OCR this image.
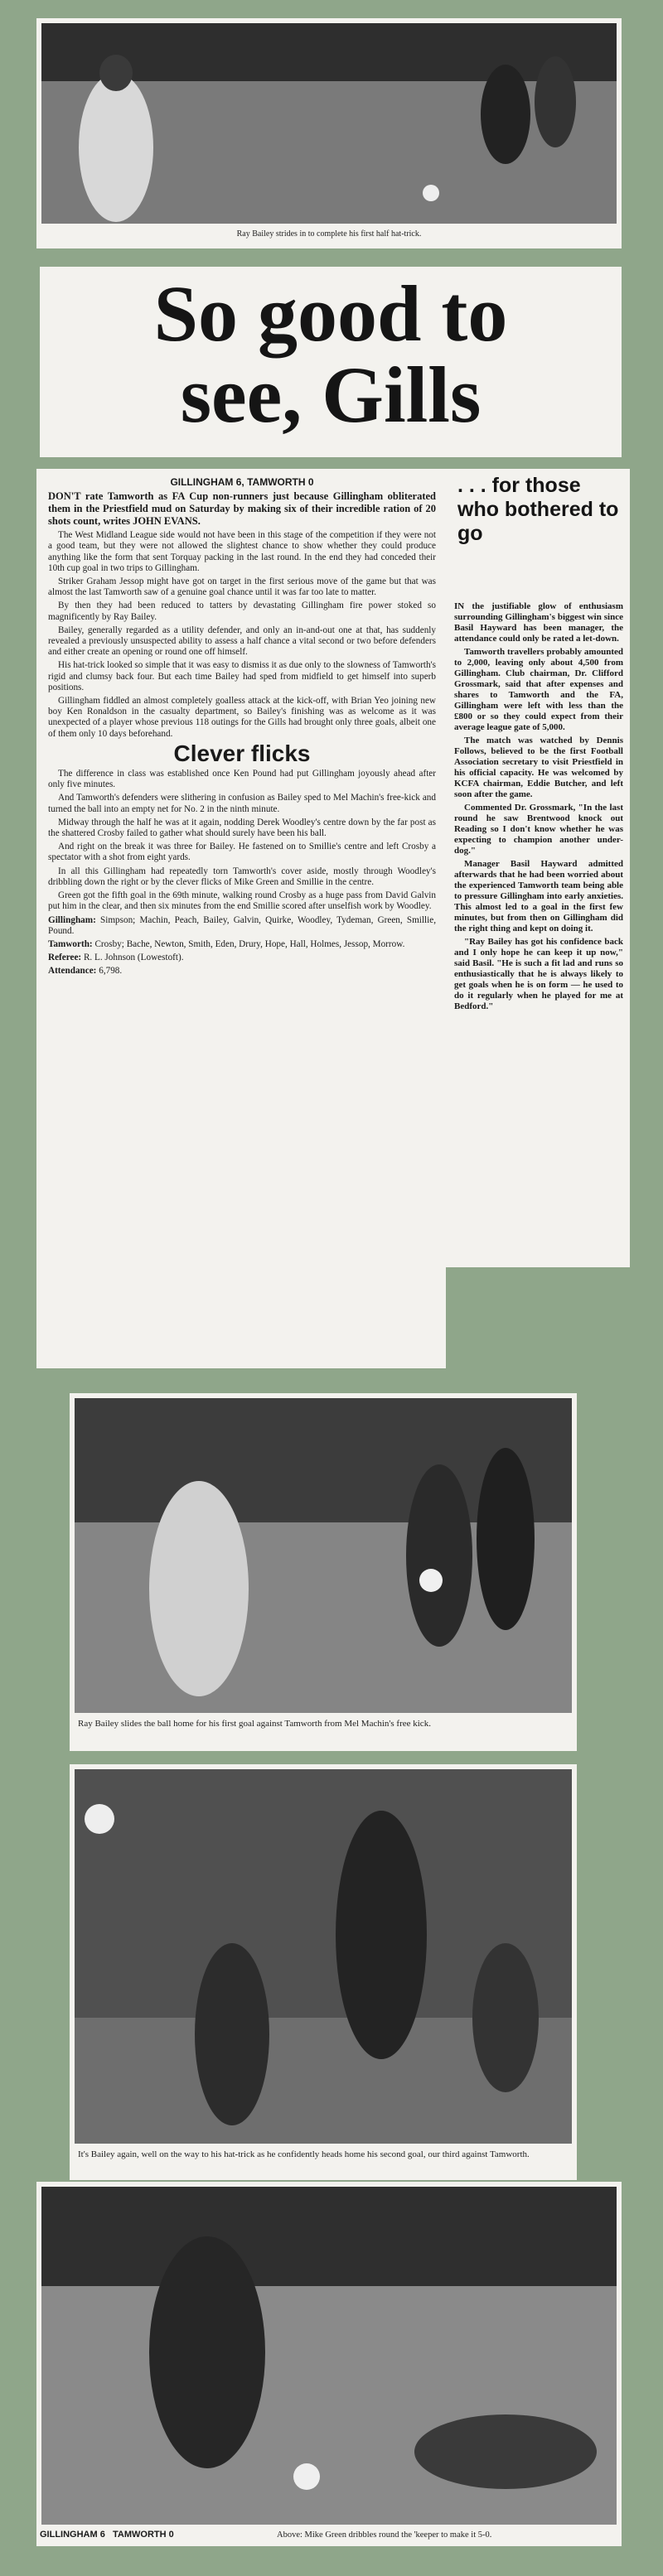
Ray Bailey strides in to complete his first half hat-trick.
So good to
see, Gills

GILLINGHAM 6, TAMWORTH 0

DON'T rate Tamworth as FA Cup non-runners just because Gillingham obliterated them in the Priestfield mud on Saturday by making six of their incredible ration of 20 shots count, writes JOHN EVANS.

The West Midland League side would not have been in this stage of the competition if they were not a good team, but they were not allowed the slightest chance to show whether they could produce anything like the form that sent Torquay packing in the last round. In the end they had conceded their 10th cup goal in two trips to Gillingham.

Striker Graham Jessop might have got on target in the first serious move of the game but that was almost the last Tamworth saw of a genuine goal chance until it was far too late to matter.

By then they had been reduced to tatters by devastating Gillingham fire power stoked so magnificently by Ray Bailey.

Bailey, generally regarded as a utility defender, and only an in-and-out one at that, has suddenly revealed a previously unsuspected ability to assess a half chance a vital second or two before defenders and either create an opening or round one off himself.

His hat-trick looked so simple that it was easy to dismiss it as due only to the slowness of Tamworth's rigid and clumsy back four. But each time Bailey had sped from midfield to get himself into superb positions.

Gillingham fiddled an almost completely goalless attack at the kick-off, with Brian Yeo joining new boy Ken Ronaldson in the casualty department, so Bailey's finishing was as welcome as it was unexpected of a player whose previous 118 outings for the Gills had brought only three goals, albeit one of them only 10 days beforehand.

Clever flicks

The difference in class was established once Ken Pound had put Gillingham joyously ahead after only five minutes.

And Tamworth's defenders were slithering in confusion as Bailey sped to Mel Machin's free-kick and turned the ball into an empty net for No. 2 in the ninth minute.

Midway through the half he was at it again, nodding Derek Woodley's centre down by the far post as the shattered Crosby failed to gather what should surely have been his ball.

And right on the break it was three for Bailey. He fastened on to Smillie's centre and left Crosby a spectator with a shot from eight yards.

In all this Gillingham had repeatedly torn Tamworth's cover aside, mostly through Woodley's dribbling down the right or by the clever flicks of Mike Green and Smillie in the centre.

Green got the fifth goal in the 69th minute, walking round Crosby as a huge pass from David Galvin put him in the clear, and then six minutes from the end Smillie scored after unselfish work by Woodley.

Gillingham: Simpson; Machin, Peach, Bailey, Galvin, Quirke, Woodley, Tydeman, Green, Smillie, Pound.

Tamworth: Crosby; Bache, Newton, Smith, Eden, Drury, Hope, Hall, Holmes, Jessop, Morrow.

Referee: R. L. Johnson (Lowestoft).

Attendance: 6,798.

. . . for those who bothered to go

IN the justifiable glow of enthusiasm surrounding Gillingham's biggest win since Basil Hayward has been manager, the attendance could only be rated a let-down.

Tamworth travellers probably amounted to 2,000, leaving only about 4,500 from Gillingham. Club chairman, Dr. Clifford Grossmark, said that after expenses and shares to Tamworth and the FA, Gillingham were left with less than the £800 or so they could expect from their average league gate of 5,000.

The match was watched by Dennis Follows, believed to be the first Football Association secretary to visit Priestfield in his official capacity. He was welcomed by KCFA chairman, Eddie Butcher, and left soon after the game.

Commented Dr. Grossmark, "In the last round he saw Brentwood knock out Reading so I don't know whether he was expecting to champion another under-dog."

Manager Basil Hayward admitted afterwards that he had been worried about the experienced Tamworth team being able to pressure Gillingham into early anxieties. This almost led to a goal in the first few minutes, but from then on Gillingham did the right thing and kept on doing it.

"Ray Bailey has got his confidence back and I only hope he can keep it up now," said Basil. "He is such a fit lad and runs so enthusiastically that he is always likely to get goals when he is on form — he used to do it regularly when he played for me at Bedford."

Ray Bailey slides the ball home for his first goal against Tamworth from Mel Machin's free kick.
It's Bailey again, well on the way to his hat-trick as he confidently heads home his second goal, our third against Tamworth.
GILLINGHAM 6   TAMWORTH 0	Above: Mike Green dribbles round the 'keeper to make it 5-0.
